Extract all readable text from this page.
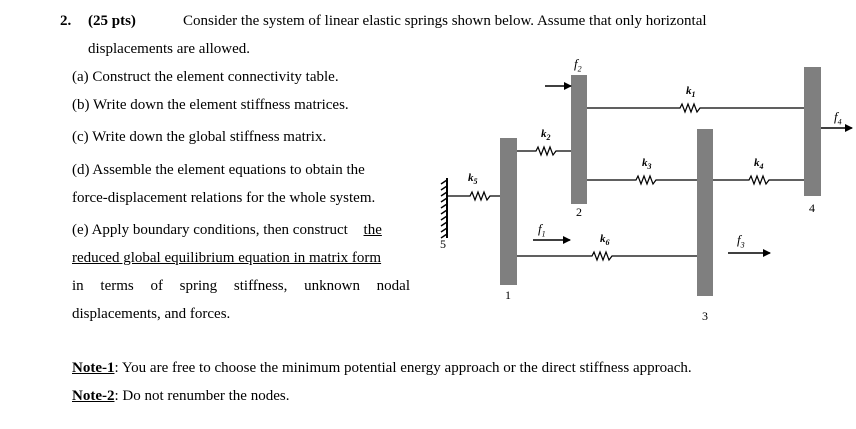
2. (25 pts)	Consider the system of linear elastic springs shown below. Assume that only horizontal
displacements are allowed.
(a) Construct the element connectivity table.
(b) Write down the element stiffness matrices.
(c) Write down the global stiffness matrix.
(d) Assemble the element equations to obtain the
force-displacement relations for the whole system.
(e) Apply boundary conditions, then construct the
reduced global equilibrium equation in matrix form
in terms of spring stiffness, unknown nodal
displacements, and forces.
Note-1: You are free to choose the minimum potential energy approach or the direct stiffness approach.
Note-2: Do not renumber the nodes.
1
2
3
4
5
$k_1$
$k_2$
$k_3$	$k_4$
$k_5$
$k_6$
$f_1$
$f_2$
$f_3$
$f_4$
